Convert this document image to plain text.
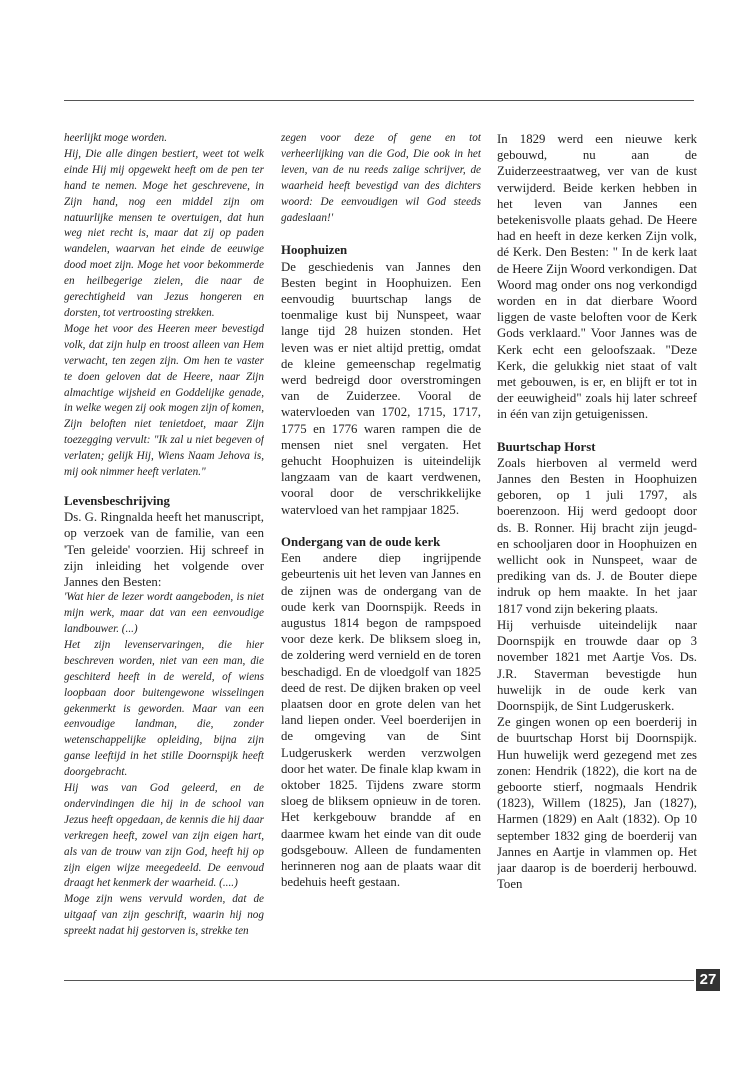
heerlijkt moge worden.

Hij, Die alle dingen bestiert, weet tot welk einde Hij mij opgewekt heeft om de pen ter hand te nemen. Moge het geschrevene, in Zijn hand, nog een middel zijn om natuurlijke mensen te overtuigen, dat hun weg niet recht is, maar dat zij op paden wandelen, waarvan het einde de eeuwige dood moet zijn. Moge het voor bekommerde en heilbegerige zielen, die naar de gerechtigheid van Jezus hongeren en dorsten, tot vertroosting strekken.

Moge het voor des Heeren meer bevestigd volk, dat zijn hulp en troost alleen van Hem verwacht, ten zegen zijn. Om hen te vaster te doen geloven dat de Heere, naar Zijn almachtige wijsheid en Goddelijke genade, in welke wegen zij ook mogen zijn of komen, Zijn beloften niet tenietdoet, maar Zijn toezegging vervult: "Ik zal u niet begeven of verlaten; gelijk Hij, Wiens Naam Jehova is, mij ook nimmer heeft verlaten."

Levensbeschrijving

Ds. G. Ringnalda heeft het manuscript, op verzoek van de familie, van een 'Ten geleide' voorzien. Hij schreef in zijn inleiding het volgende over Jannes den Besten:

'Wat hier de lezer wordt aangeboden, is niet mijn werk, maar dat van een eenvoudige landbouwer. (...)

Het zijn levenservaringen, die hier beschreven worden, niet van een man, die geschiterd heeft in de wereld, of wiens loopbaan door buitengewone wisselingen gekenmerkt is geworden. Maar van een eenvoudige landman, die, zonder wetenschappelijke opleiding, bijna zijn ganse leeftijd in het stille Doornspijk heeft doorgebracht.

Hij was van God geleerd, en de ondervindingen die hij in de school van Jezus heeft opgedaan, de kennis die hij daar verkregen heeft, zowel van zijn eigen hart, als van de trouw van zijn God, heeft hij op zijn eigen wijze meegedeeld. De eenvoud draagt het kenmerk der waarheid. (....)

Moge zijn wens vervuld worden, dat de uitgaaf van zijn geschrift, waarin hij nog spreekt nadat hij gestorven is, strekke ten

zegen voor deze of gene en tot verheerlijking van die God, Die ook in het leven, van de nu reeds zalige schrijver, de waarheid heeft bevestigd van des dichters woord: De eenvoudigen wil God steeds gadeslaan!'

Hoophuizen

De geschiedenis van Jannes den Besten begint in Hoophuizen. Een eenvoudig buurtschap langs de toenmalige kust bij Nunspeet, waar lange tijd 28 huizen stonden. Het leven was er niet altijd prettig, omdat de kleine gemeenschap regelmatig werd bedreigd door overstromingen van de Zuiderzee. Vooral de watervloeden van 1702, 1715, 1717, 1775 en 1776 waren rampen die de mensen niet snel vergaten. Het gehucht Hoophuizen is uiteindelijk langzaam van de kaart verdwenen, vooral door de verschrikkelijke watervloed van het rampjaar 1825.

Ondergang van de oude kerk

Een andere diep ingrijpende gebeurtenis uit het leven van Jannes en de zijnen was de ondergang van de oude kerk van Doornspijk. Reeds in augustus 1814 begon de rampspoed voor deze kerk. De bliksem sloeg in, de zoldering werd vernield en de toren beschadigd. En de vloedgolf van 1825 deed de rest. De dijken braken op veel plaatsen door en grote delen van het land liepen onder. Veel boerderijen in de omgeving van de Sint Ludgeruskerk werden verzwolgen door het water. De finale klap kwam in oktober 1825. Tijdens zware storm sloeg de bliksem opnieuw in de toren. Het kerkgebouw brandde af en daarmee kwam het einde van dit oude godsgebouw. Alleen de fundamenten herinneren nog aan de plaats waar dit bedehuis heeft gestaan.

In 1829 werd een nieuwe kerk gebouwd, nu aan de Zuiderzeestraatweg, ver van de kust verwijderd. Beide kerken hebben in het leven van Jannes een betekenisvolle plaats gehad. De Heere had en heeft in deze kerken Zijn volk, dé Kerk. Den Besten: " In de kerk laat de Heere Zijn Woord verkondigen. Dat Woord mag onder ons nog verkondigd worden en in dat dierbare Woord liggen de vaste beloften voor de Kerk Gods verklaard." Voor Jannes was de Kerk echt een geloofszaak. "Deze Kerk, die gelukkig niet staat of valt met gebouwen, is er, en blijft er tot in der eeuwigheid" zoals hij later schreef in één van zijn getuigenissen.

Buurtschap Horst

Zoals hierboven al vermeld werd Jannes den Besten in Hoophuizen geboren, op 1 juli 1797, als boerenzoon. Hij werd gedoopt door ds. B. Ronner. Hij bracht zijn jeugd- en schooljaren door in Hoophuizen en wellicht ook in Nunspeet, waar de prediking van ds. J. de Bouter diepe indruk op hem maakte. In het jaar 1817 vond zijn bekering plaats.

Hij verhuisde uiteindelijk naar Doornspijk en trouwde daar op 3 november 1821 met Aartje Vos. Ds. J.R. Staverman bevestigde hun huwelijk in de oude kerk van Doornspijk, de Sint Ludgeruskerk.

Ze gingen wonen op een boerderij in de buurtschap Horst bij Doornspijk. Hun huwelijk werd gezegend met zes zonen: Hendrik (1822), die kort na de geboorte stierf, nogmaals Hendrik (1823), Willem (1825), Jan (1827), Harmen (1829) en Aalt (1832). Op 10 september 1832 ging de boerderij van Jannes en Aartje in vlammen op. Het jaar daarop is de boerderij herbouwd. Toen

27
